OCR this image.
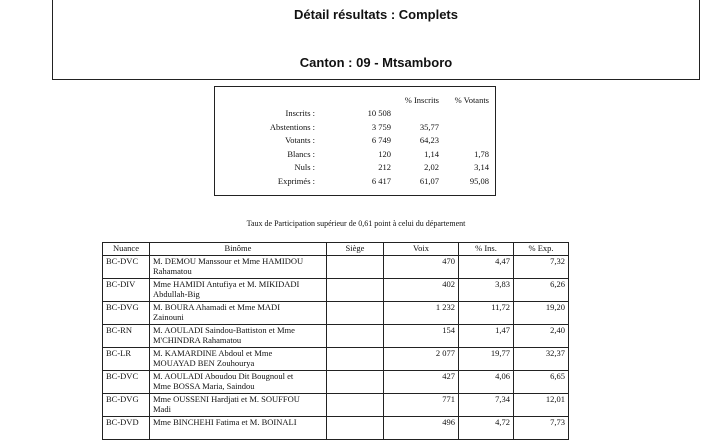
Détail résultats : Complets
Canton : 09 - Mtsamboro
		% Inscrits	% Votants
Inscrits :	10 508		
Abstentions :	3 759	35,77	
Votants :	6 749	64,23	
Blancs :	120	1,14	1,78
Nuls :	212	2,02	3,14
Exprimés :	6 417	61,07	95,08
Taux de Participation supérieur de 0,61 point à celui du département
Nuance	Binôme	Siège	Voix	% Ins.	% Exp.
BC-DVC	M. DEMOU Manssour et Mme HAMIDOU
Rahamatou		470	4,47	7,32
BC-DIV	Mme HAMIDI Antufiya et M. MIKIDADI
Abdullah-Big		402	3,83	6,26
BC-DVG	M. BOURA Ahamadi et Mme MADI
Zainouni		1 232	11,72	19,20
BC-RN	M. AOULADI Saindou-Battiston et Mme
M'CHINDRA Rahamatou		154	1,47	2,40
BC-LR	M. KAMARDINE Abdoul et Mme
MOUAYAD BEN Zouhourya		2 077	19,77	32,37
BC-DVC	M. AOULADI Aboudou Dit Bougnoul et
Mme BOSSA Maria, Saindou		427	4,06	6,65
BC-DVG	Mme OUSSENI Hardjati et M. SOUFFOU
Madi		771	7,34	12,01
BC-DVD	Mme BINCHEHI Fatima et M. BOINALI		496	4,72	7,73
